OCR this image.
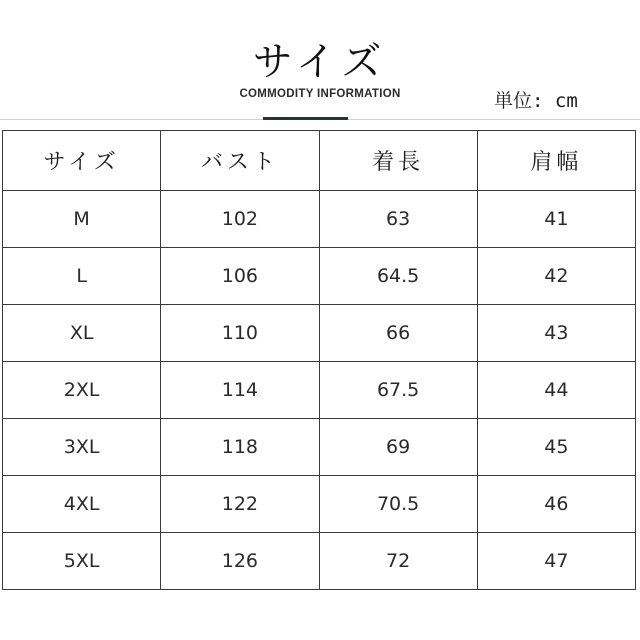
サイズ
COMMODITY INFORMATION	単位: cm
サイズ	バスト	着長	肩幅
M	102	63	41
L	106	64.5	42
XL	110	66	43
2XL	114	67.5	44
3XL	118	69	45
4XL	122	70.5	46
5XL	126	72	47
